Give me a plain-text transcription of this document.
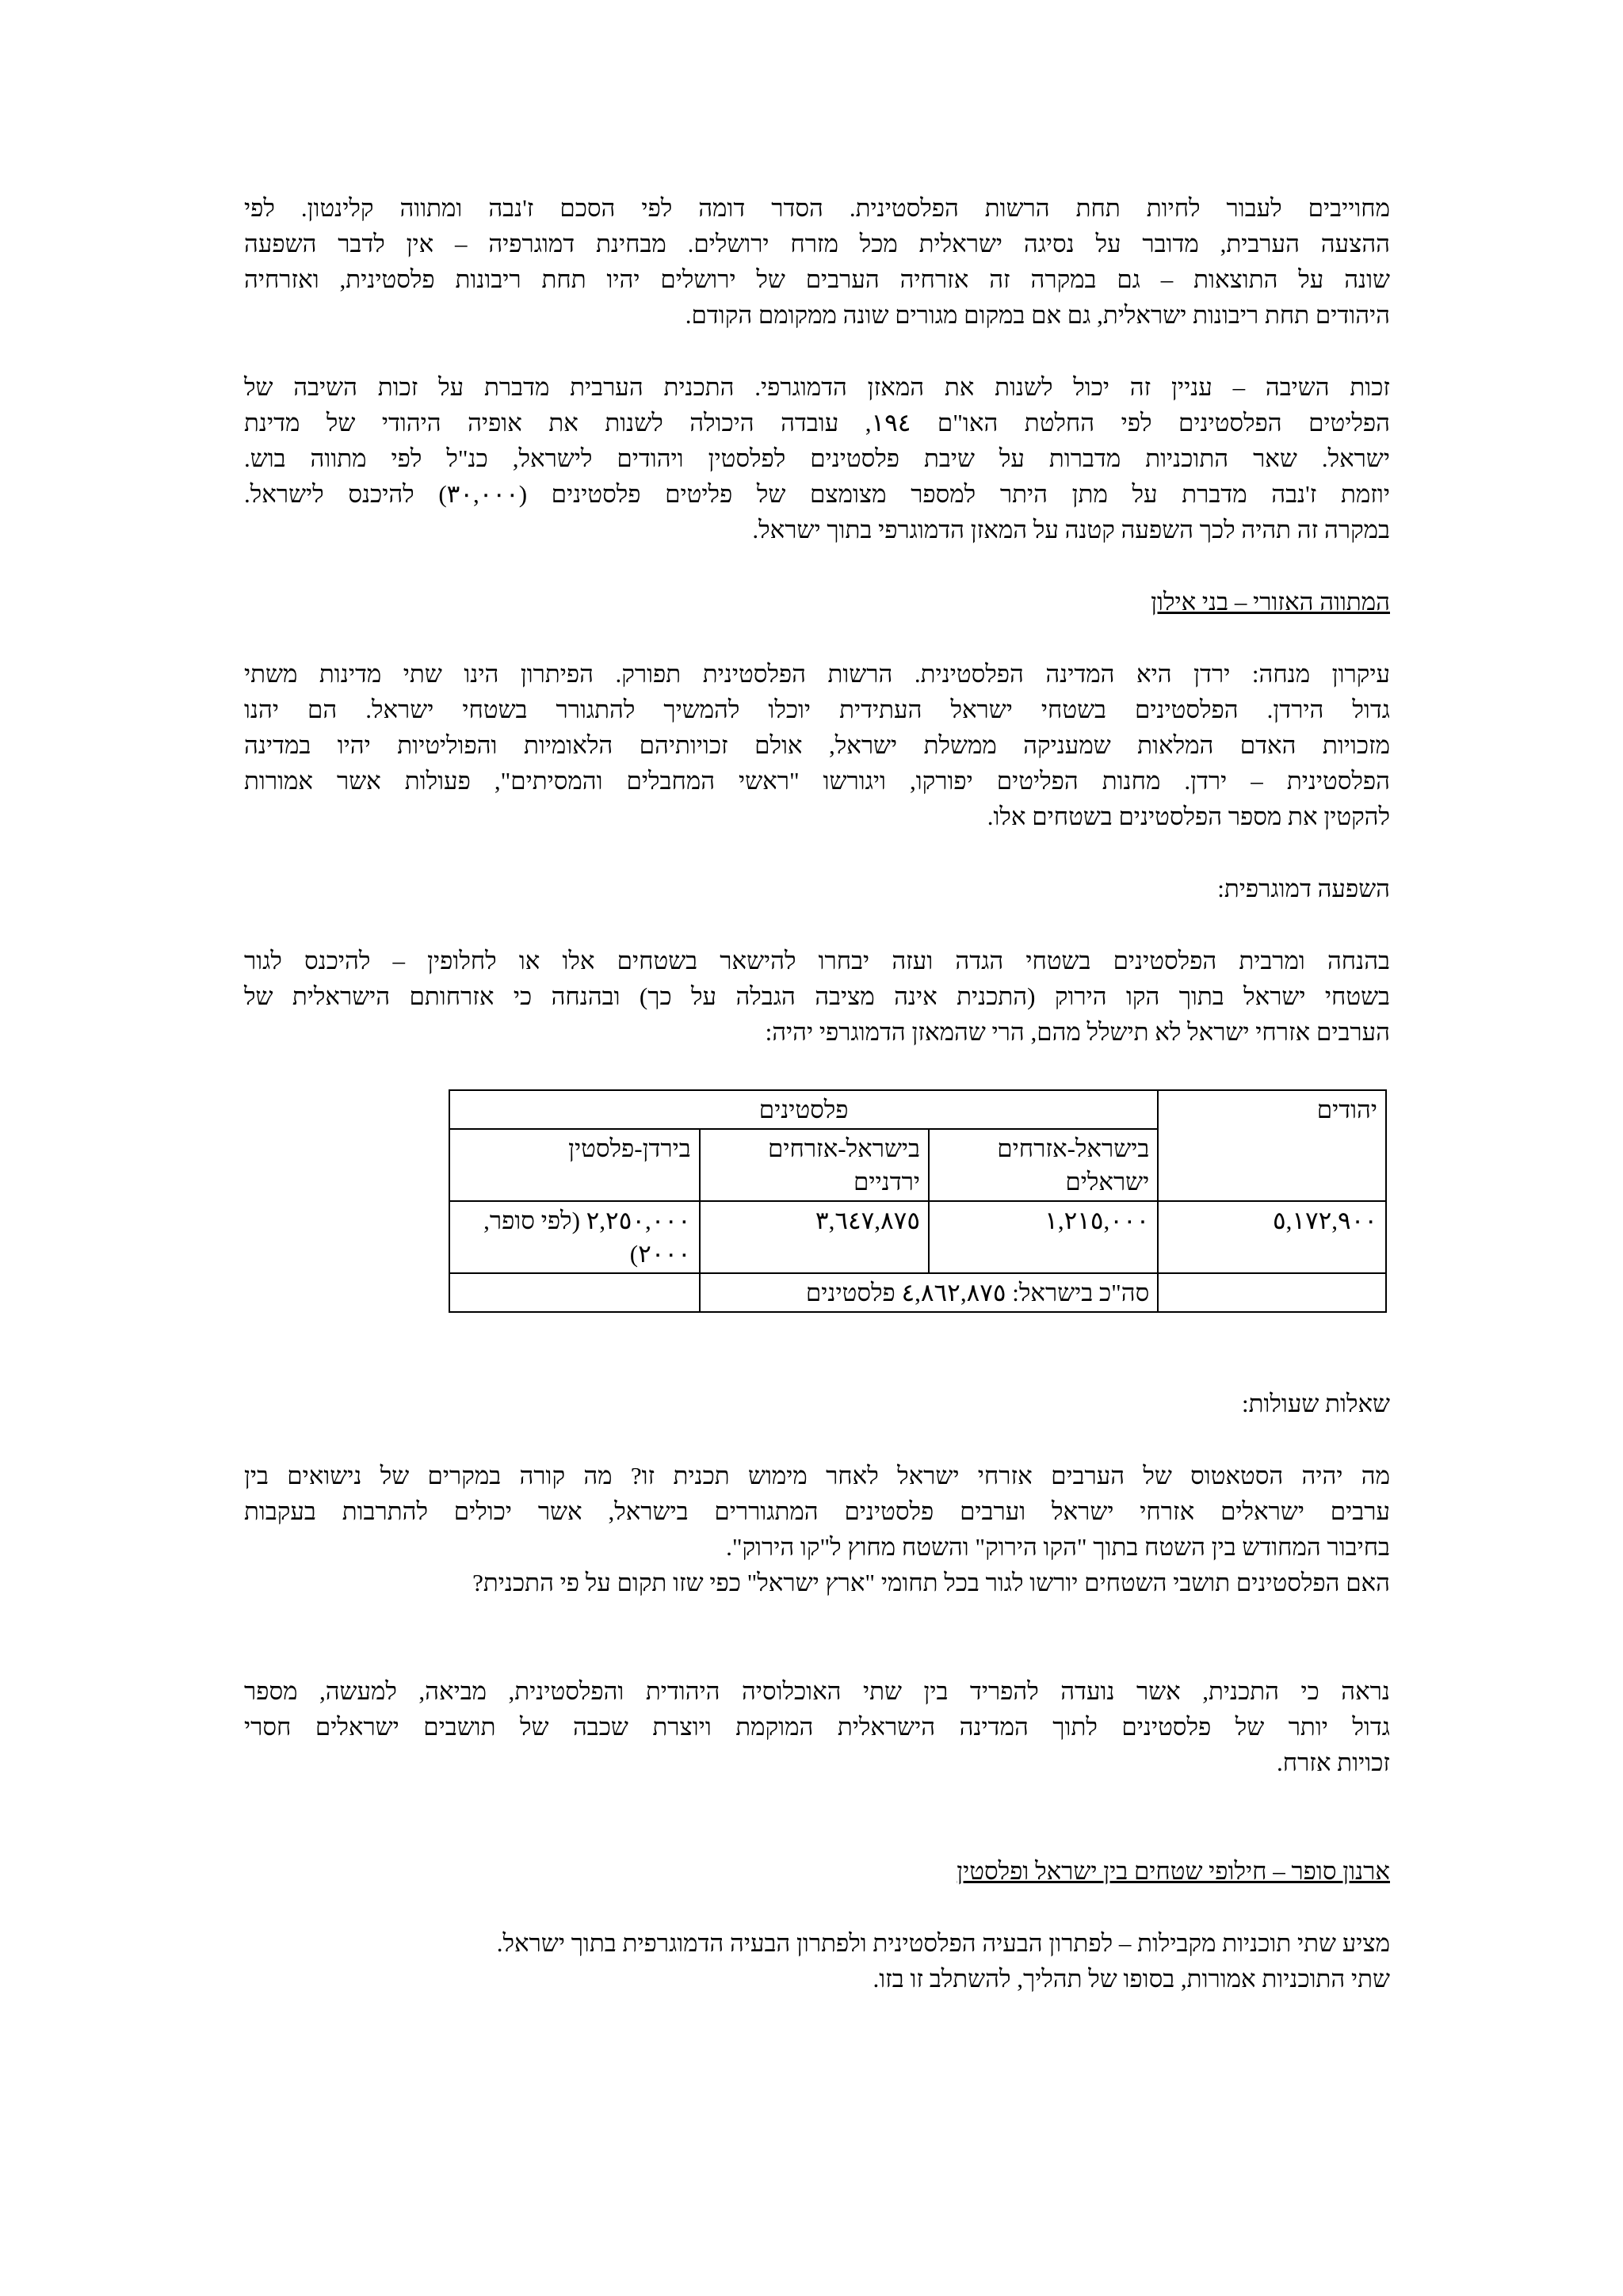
מחוייבים לעבור לחיות תחת הרשות הפלסטינית. הסדר דומה לפי הסכם ז'נבה ומתווה קלינטון. לפי
ההצעה הערבית, מדובר על נסיגה ישראלית מכל מזרח ירושלים. מבחינת דמוגרפיה – אין לדבר השפעה
שונה על התוצאות – גם במקרה זה אזרחיה הערבים של ירושלים יהיו תחת ריבונות פלסטינית, ואזרחיה
היהודים תחת ריבונות ישראלית, גם אם במקום מגורים שונה ממקומם הקודם.

זכות השיבה – עניין זה יכול לשנות את המאזן הדמוגרפי. התכנית הערבית מדברת על זכות השיבה של
הפליטים הפלסטינים לפי החלטת האו"ם ١٩٤, עובדה היכולה לשנות את אופיה היהודי של מדינת
ישראל. שאר התוכניות מדברות על שיבת פלסטינים לפלסטין ויהודים לישראל, כנ"ל לפי מתווה בוש.
יוזמת ז'נבה מדברת על מתן היתר למספר מצומצם של פליטים פלסטינים (٣٠,٠٠٠) להיכנס לישראל.
במקרה זה תהיה לכך השפעה קטנה על המאזן הדמוגרפי בתוך ישראל.

המתווה האזורי – בני אילון

עיקרון מנחה: ירדן היא המדינה הפלסטינית. הרשות הפלסטינית תפורק. הפיתרון הינו שתי מדינות משתי
גדול הירדן. הפלסטינים בשטחי ישראל העתידית יוכלו להמשיך להתגורר בשטחי ישראל. הם יהנו
מזכויות האדם המלאות שמעניקה ממשלת ישראל, אולם זכויותיהם הלאומיות והפוליטיות יהיו במדינה
הפלסטינית – ירדן. מחנות הפליטים יפורקו, ויגורשו "ראשי המחבלים והמסיתים", פעולות אשר אמורות
להקטין את מספר הפלסטינים בשטחים אלו.

השפעה דמוגרפית:

בהנחה ומרבית הפלסטינים בשטחי הגדה ועזה יבחרו להישאר בשטחים אלו או לחלופין – להיכנס לגור
בשטחי ישראל בתוך הקו הירוק (התכנית אינה מציבה הגבלה על כך) ובהנחה כי אזרחותם הישראלית של
הערבים אזרחי ישראל לא תישלל מהם, הרי שהמאזן הדמוגרפי יהיה:

יהודים	פלסטינים		
	בישראל-אזרחים ישראלים	בישראל-אזרחים ירדניים	בירדן-פלסטין
٥,١٧٢,٩٠٠	١,٢١٥,٠٠٠	٣,٦٤٧,٨٧٥	٢,٢٥٠,٠٠٠ (לפי סופר, ٢٠٠٠)
	סה"כ בישראל: ٤,٨٦٢,٨٧٥ פלסטינים		

שאלות שעולות:

מה יהיה הסטאטוס של הערבים אזרחי ישראל לאחר מימוש תכנית זו? מה קורה במקרים של נישואים בין
ערבים ישראלים אזרחי ישראל וערבים פלסטינים המתגוררים בישראל, אשר יכולים להתרבות בעקבות
בחיבור המחודש בין השטח בתוך "הקו הירוק" והשטח מחוץ ל"קו הירוק".
האם הפלסטינים תושבי השטחים יורשו לגור בכל תחומי "ארץ ישראל" כפי שזו תקום על פי התכנית?

נראה כי התכנית, אשר נועדה להפריד בין שתי האוכלוסיה היהודית והפלסטינית, מביאה, למעשה, מספר
גדול יותר של פלסטינים לתוך המדינה הישראלית המוקמת ויוצרת שכבה של תושבים ישראלים חסרי
זכויות אזרח.

ארנון סופר – חילופי שטחים בין ישראל ופלסטין

מציע שתי תוכניות מקבילות – לפתרון הבעיה הפלסטינית ולפתרון הבעיה הדמוגרפית בתוך ישראל.
שתי התוכניות אמורות, בסופו של תהליך, להשתלב זו בזו.
